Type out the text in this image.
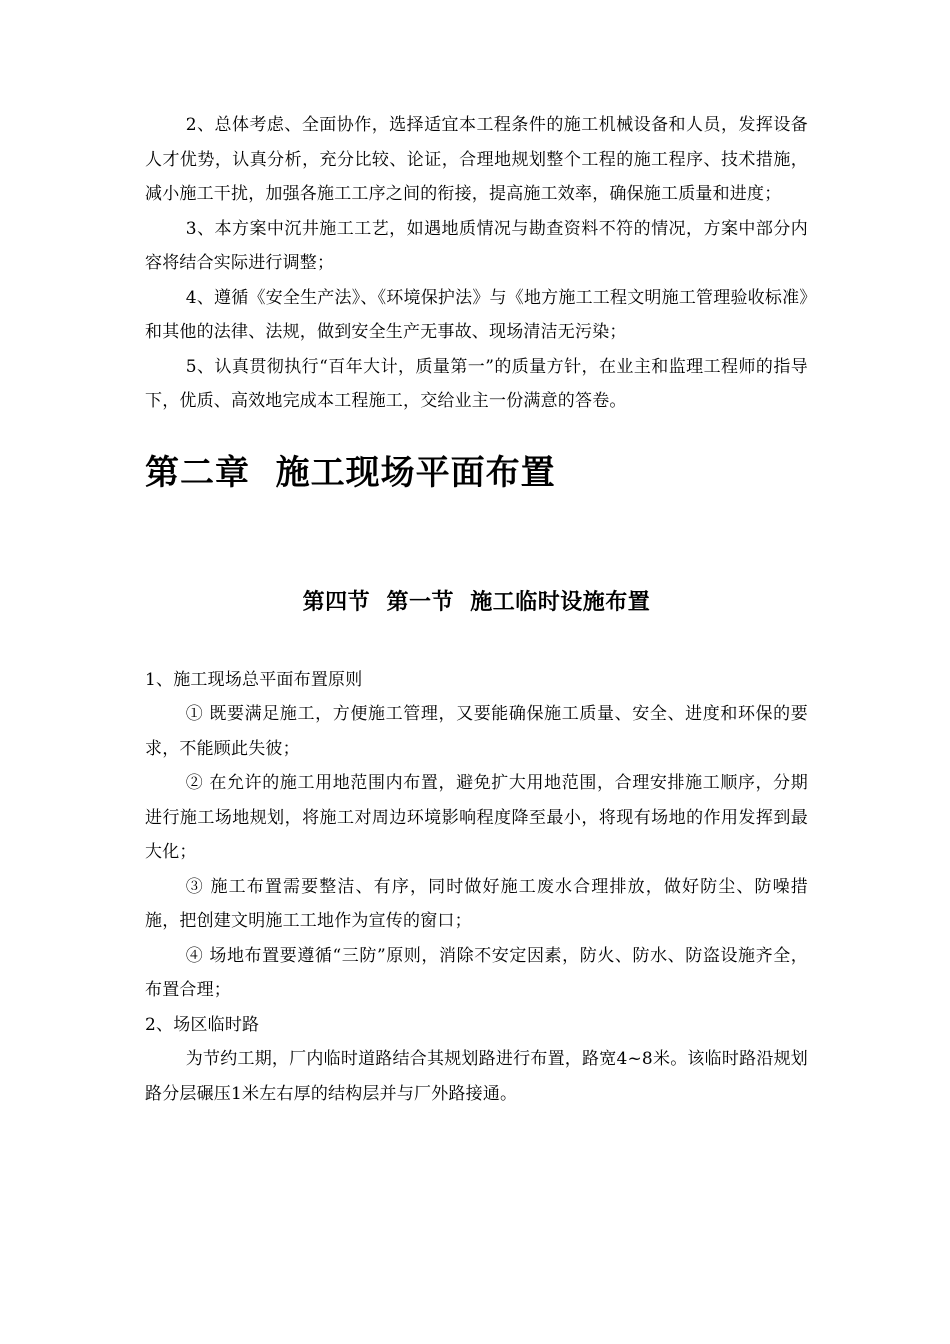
2、总体考虑、全面协作，选择适宜本工程条件的施工机械设备和人员，发挥设备人才优势，认真分析，充分比较、论证，合理地规划整个工程的施工程序、技术措施，减小施工干扰，加强各施工工序之间的衔接，提高施工效率，确保施工质量和进度；

3、本方案中沉井施工工艺，如遇地质情况与勘查资料不符的情况，方案中部分内容将结合实际进行调整；

4、遵循《安全生产法》、《环境保护法》与《地方施工工程文明施工管理验收标准》和其他的法律、法规，做到安全生产无事故、现场清洁无污染；

5、认真贯彻执行“百年大计，质量第一”的质量方针，在业主和监理工程师的指导下，优质、高效地完成本工程施工，交给业主一份满意的答卷。

第二章  施工现场平面布置
第四节  第一节  施工临时设施布置

1、施工现场总平面布置原则

① 既要满足施工，方便施工管理，又要能确保施工质量、安全、进度和环保的要求，不能顾此失彼；

② 在允许的施工用地范围内布置，避免扩大用地范围，合理安排施工顺序，分期进行施工场地规划，将施工对周边环境影响程度降至最小，将现有场地的作用发挥到最大化；

③ 施工布置需要整洁、有序，同时做好施工废水合理排放，做好防尘、防噪措施，把创建文明施工工地作为宣传的窗口；

④ 场地布置要遵循“三防”原则，消除不安定因素，防火、防水、防盗设施齐全，布置合理；

2、场区临时路

为节约工期，厂内临时道路结合其规划路进行布置，路宽4~8米。该临时路沿规划路分层碾压1米左右厚的结构层并与厂外路接通。
